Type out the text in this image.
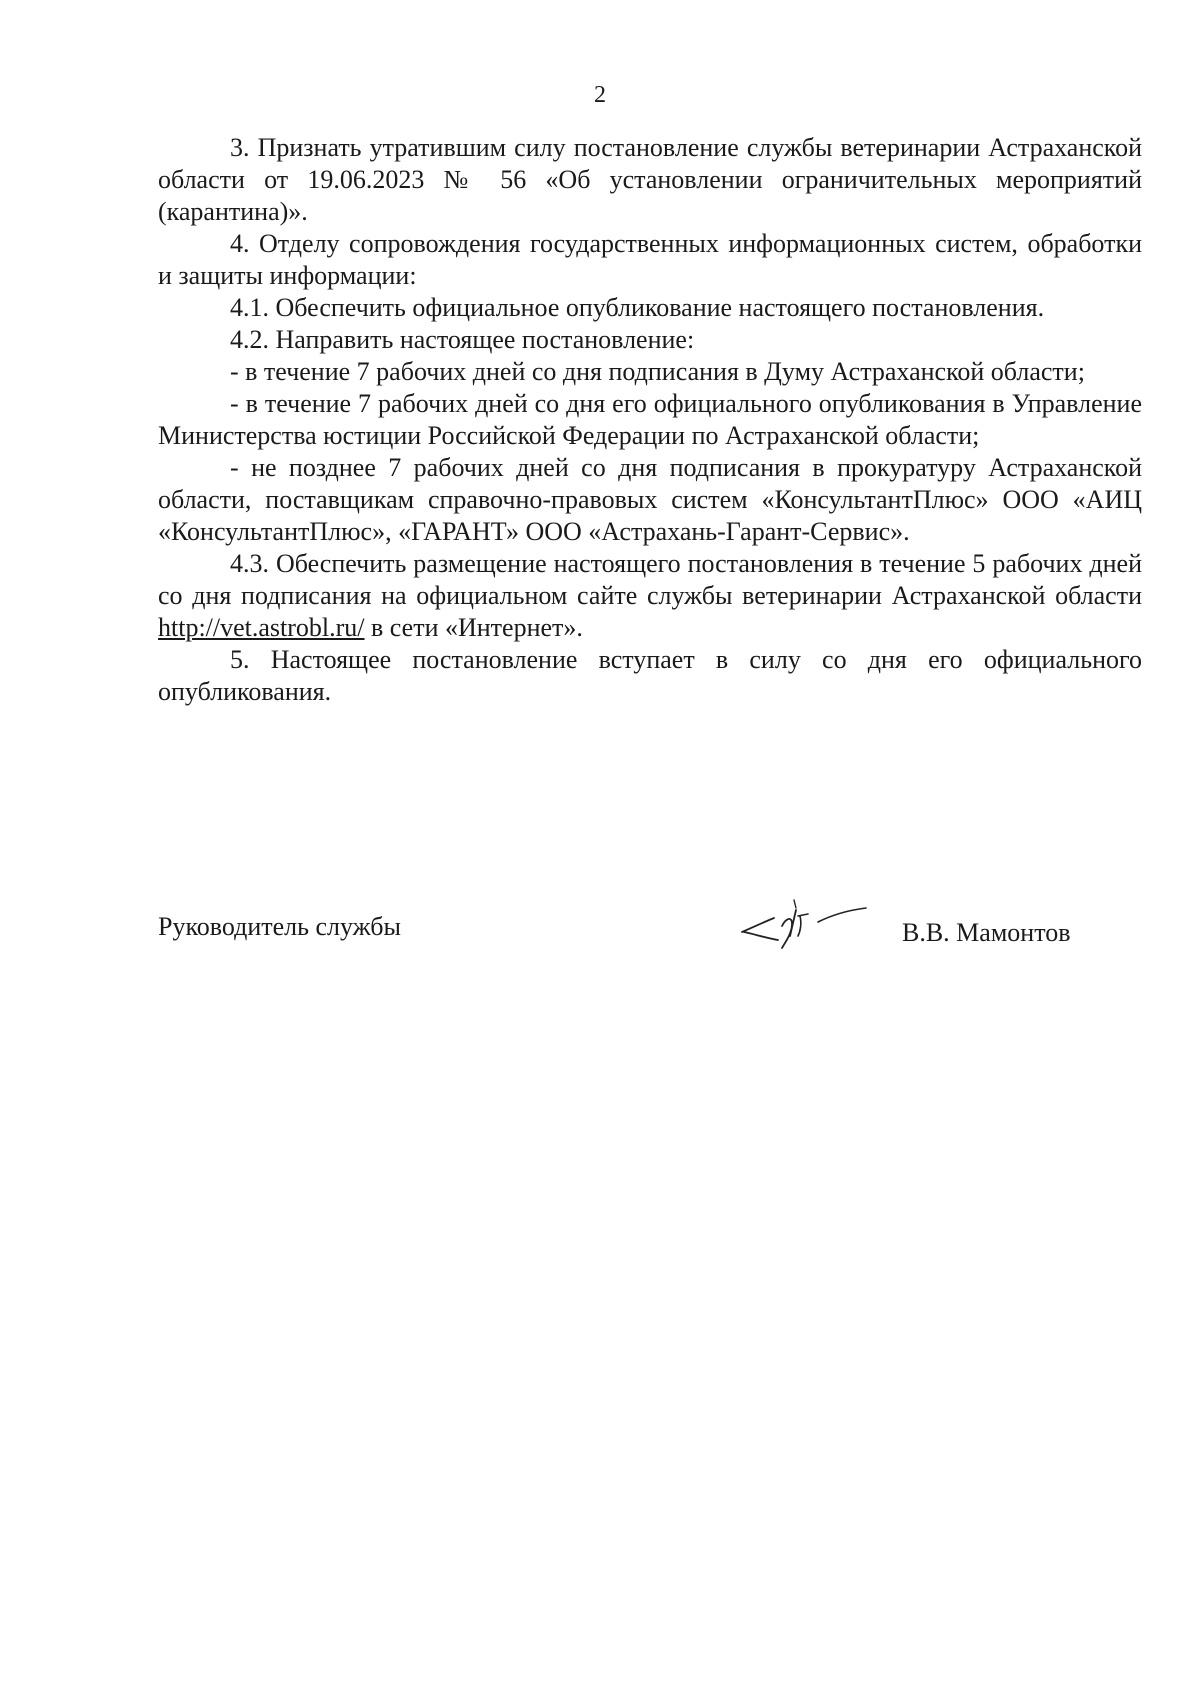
2

3. Признать утратившим силу постановление службы ветеринарии Астраханской области от 19.06.2023 № 56 «Об установлении ограничительных мероприятий (карантина)».

4. Отделу сопровождения государственных информационных систем, обработки и защиты информации:

4.1. Обеспечить официальное опубликование настоящего постановления.

4.2. Направить настоящее постановление:

- в течение 7 рабочих дней со дня подписания в Думу Астраханской области;

- в течение 7 рабочих дней со дня его официального опубликования в Управление Министерства юстиции Российской Федерации по Астраханской области;

- не позднее 7 рабочих дней со дня подписания в прокуратуру Астраханской области, поставщикам справочно-правовых систем «КонсультантПлюс» ООО «АИЦ «КонсультантПлюс», «ГАРАНТ» ООО «Астрахань-Гарант-Сервис».

4.3. Обеспечить размещение настоящего постановления в течение 5 рабочих дней со дня подписания на официальном сайте службы ветеринарии Астраханской области http://vet.astrobl.ru/ в сети «Интернет».

5. Настоящее постановление вступает в силу со дня его официального опубликования.

Руководитель службы	В.В. Мамонтов
